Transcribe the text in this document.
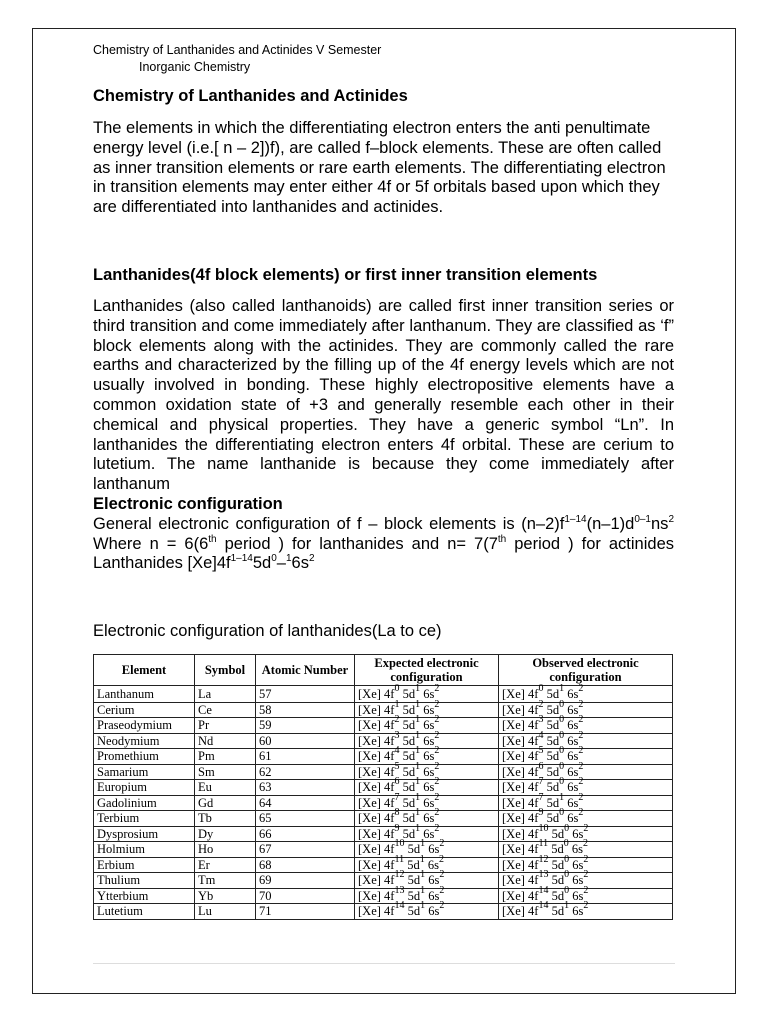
Chemistry of Lanthanides and Actinides V Semester
Inorganic Chemistry
Chemistry of Lanthanides and Actinides
The elements in which the differentiating electron enters the anti penultimate energy level (i.e.[ n – 2])f), are called f–block elements. These are often called as inner transition elements or rare earth elements. The differentiating electron in transition elements may enter either 4f or 5f orbitals based upon which they are differentiated into lanthanides and actinides.
Lanthanides(4f block elements) or first inner transition elements

Lanthanides (also called lanthanoids) are called first inner transition series or third transition and come immediately after lanthanum. They are classified as ‘f” block elements along with the actinides. They are commonly called the rare earths and characterized by the filling up of the 4f energy levels which are not usually involved in bonding. These highly electropositive elements have a common oxidation state of +3 and generally resemble each other in their chemical and physical properties. They have a generic symbol “Ln”. In lanthanides the differentiating electron enters 4f orbital. These are cerium to lutetium. The name lanthanide is because they come immediately after lanthanum

Electronic configuration

General electronic configuration of f – block elements is $(n-2)f^{1-14}(n-1)d^{0-1}ns^2$

Where n = 6(6th period ) for lanthanides and n= 7(7th period ) for actinides

Lanthanides $[Xe]4f^{1-14}5d^0-^16s^2$

Electronic configuration of lanthanides(La to ce)
Element	Symbol	Atomic Number	Expected electronic configuration	Observed electronic configuration
Lanthanum	La	57	[Xe] $4f^0$ $5d^1$ $6s^2$	[Xe] $4f^0$ $5d^1$ $6s^2$
Cerium	Ce	58	[Xe] $4f^1$ $5d^1$ $6s^2$	[Xe] $4f^2$ $5d^0$ $6s^2$
Praseodymium	Pr	59	[Xe] $4f^2$ $5d^1$ $6s^2$	[Xe] $4f^3$ $5d^0$ $6s^2$
Neodymium	Nd	60	[Xe] $4f^3$ $5d^1$ $6s^2$	[Xe] $4f^4$ $5d^0$ $6s^2$
Promethium	Pm	61	[Xe] $4f^4$ $5d^1$ $6s^2$	[Xe] $4f^5$ $5d^0$ $6s^2$
Samarium	Sm	62	[Xe] $4f^5$ $5d^1$ $6s^2$	[Xe] $4f^6$ $5d^0$ $6s^2$
Europium	Eu	63	[Xe] $4f^6$ $5d^1$ $6s^2$	[Xe] $4f^7$ $5d^0$ $6s^2$
Gadolinium	Gd	64	[Xe] $4f^7$ $5d^1$ $6s^2$	[Xe] $4f^7$ $5d^1$ $6s^2$
Terbium	Tb	65	[Xe] $4f^8$ $5d^1$ $6s^2$	[Xe] $4f^9$ $5d^0$ $6s^2$
Dysprosium	Dy	66	[Xe] $4f^9$ $5d^1$ $6s^2$	[Xe] $4f^{10}$ $5d^0$ $6s^2$
Holmium	Ho	67	[Xe] $4f^{10}$ $5d^1$ $6s^2$	[Xe] $4f^{11}$ $5d^0$ $6s^2$
Erbium	Er	68	[Xe] $4f^{11}$ $5d^1$ $6s^2$	[Xe] $4f^{12}$ $5d^0$ $6s^2$
Thulium	Tm	69	[Xe] $4f^{12}$ $5d^1$ $6s^2$	[Xe] $4f^{13}$ $5d^0$ $6s^2$
Ytterbium	Yb	70	[Xe] $4f^{13}$ $5d^1$ $6s^2$	[Xe] $4f^{14}$ $5d^0$ $6s^2$
Lutetium	Lu	71	[Xe] $4f^{14}$ $5d^1$ $6s^2$	[Xe] $4f^{14}$ $5d^1$ $6s^2$
